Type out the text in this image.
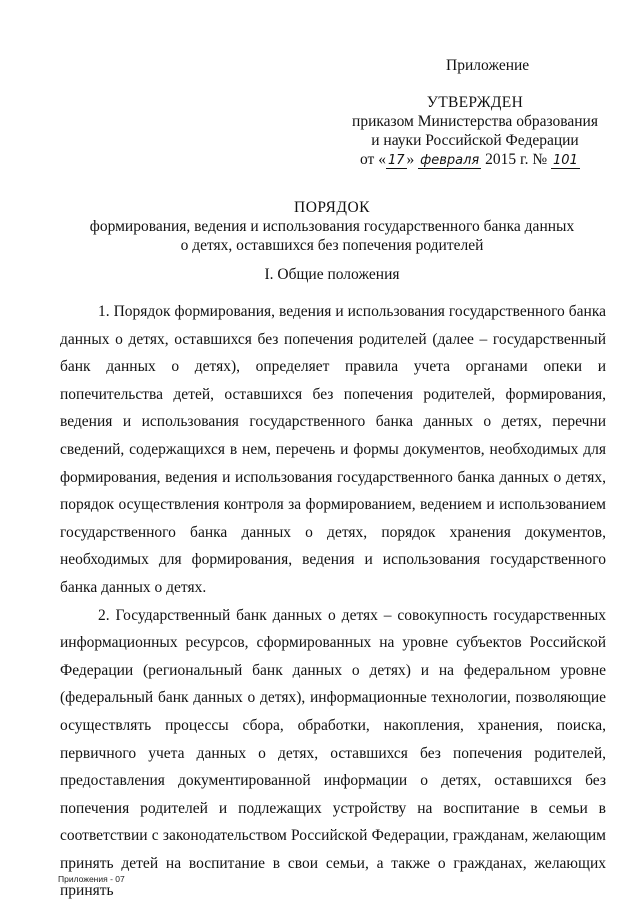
Приложение
УТВЕРЖДЕН
приказом Министерства образования
и науки Российской Федерации
от « 17 » февраля 2015 г. № 101
ПОРЯДОК
формирования, ведения и использования государственного банка данных
о детях, оставшихся без попечения родителей
I. Общие положения

1. Порядок формирования, ведения и использования государственного банка данных о детях, оставшихся без попечения родителей (далее – государственный банк данных о детях), определяет правила учета органами опеки и попечительства детей, оставшихся без попечения родителей, формирования, ведения и использования государственного банка данных о детях, перечни сведений, содержащихся в нем, перечень и формы документов, необходимых для формирования, ведения и использования государственного банка данных о детях, порядок осуществления контроля за формированием, ведением и использованием государственного банка данных о детях, порядок хранения документов, необходимых для формирования, ведения и использования государственного банка данных о детях.

2. Государственный банк данных о детях – совокупность государственных информационных ресурсов, сформированных на уровне субъектов Российской Федерации (региональный банк данных о детях) и на федеральном уровне (федеральный банк данных о детях), информационные технологии, позволяющие осуществлять процессы сбора, обработки, накопления, хранения, поиска, первичного учета данных о детях, оставшихся без попечения родителей, предоставления документированной информации о детях, оставшихся без попечения родителей и подлежащих устройству на воспитание в семьи в соответствии с законодательством Российской Федерации, гражданам, желающим принять детей на воспитание в свои семьи, а также о гражданах, желающих принять

Приложения - 07
